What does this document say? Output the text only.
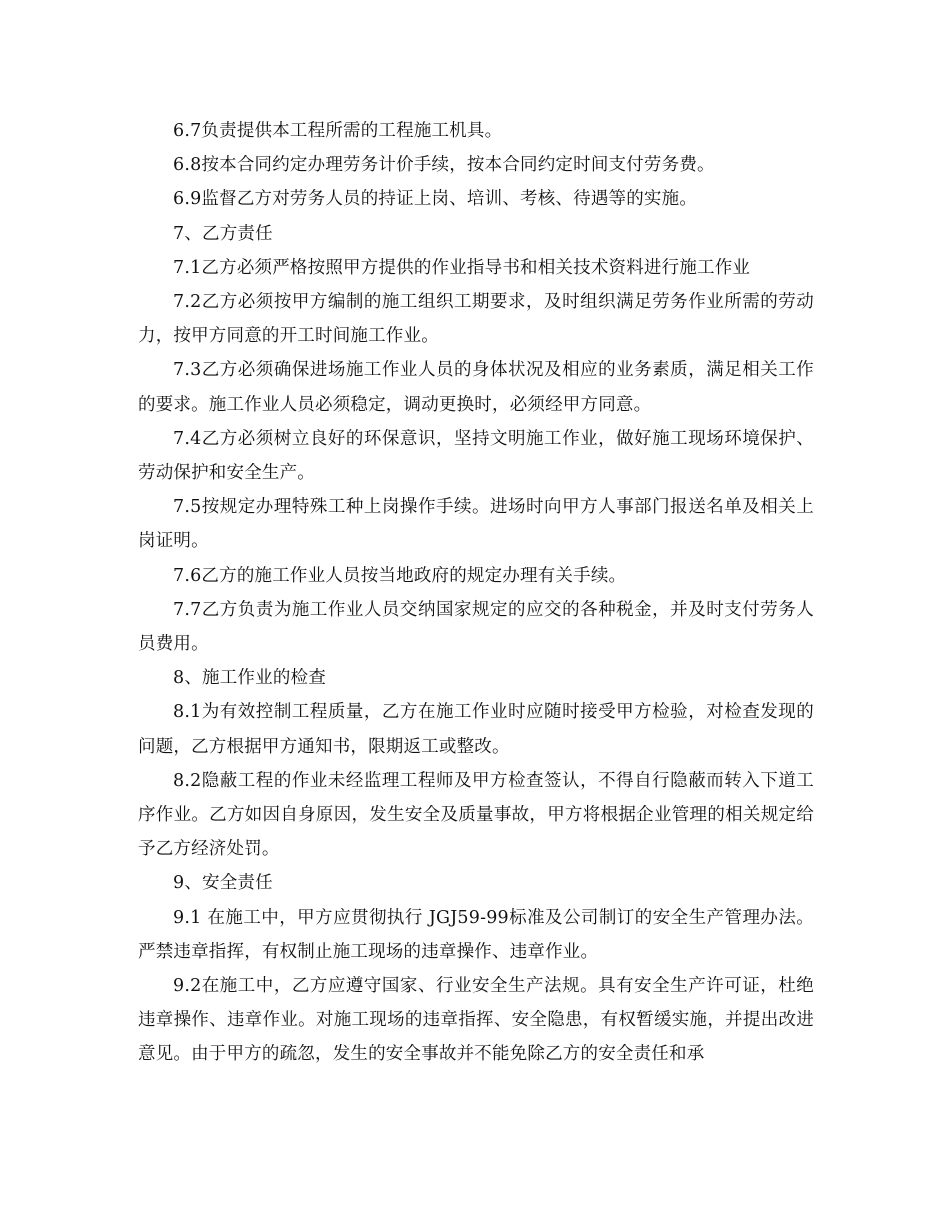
6.7负责提供本工程所需的工程施工机具。

6.8按本合同约定办理劳务计价手续，按本合同约定时间支付劳务费。

6.9监督乙方对劳务人员的持证上岗、培训、考核、待遇等的实施。

7、乙方责任

7.1乙方必须严格按照甲方提供的作业指导书和相关技术资料进行施工作业

7.2乙方必须按甲方编制的施工组织工期要求，及时组织满足劳务作业所需的劳动力，按甲方同意的开工时间施工作业。

7.3乙方必须确保进场施工作业人员的身体状况及相应的业务素质，满足相关工作的要求。施工作业人员必须稳定，调动更换时，必须经甲方同意。

7.4乙方必须树立良好的环保意识，坚持文明施工作业，做好施工现场环境保护、劳动保护和安全生产。

7.5按规定办理特殊工种上岗操作手续。进场时向甲方人事部门报送名单及相关上岗证明。

7.6乙方的施工作业人员按当地政府的规定办理有关手续。

7.7乙方负责为施工作业人员交纳国家规定的应交的各种税金，并及时支付劳务人员费用。

8、施工作业的检查

8.1为有效控制工程质量，乙方在施工作业时应随时接受甲方检验，对检查发现的问题，乙方根据甲方通知书，限期返工或整改。

8.2隐蔽工程的作业未经监理工程师及甲方检查签认，不得自行隐蔽而转入下道工序作业。乙方如因自身原因，发生安全及质量事故，甲方将根据企业管理的相关规定给予乙方经济处罚。

9、安全责任

9.1 在施工中，甲方应贯彻执行 JGJ59-99标准及公司制订的安全生产管理办法。严禁违章指挥，有权制止施工现场的违章操作、违章作业。

9.2在施工中，乙方应遵守国家、行业安全生产法规。具有安全生产许可证，杜绝违章操作、违章作业。对施工现场的违章指挥、安全隐患，有权暂缓实施，并提出改进意见。由于甲方的疏忽，发生的安全事故并不能免除乙方的安全责任和承
